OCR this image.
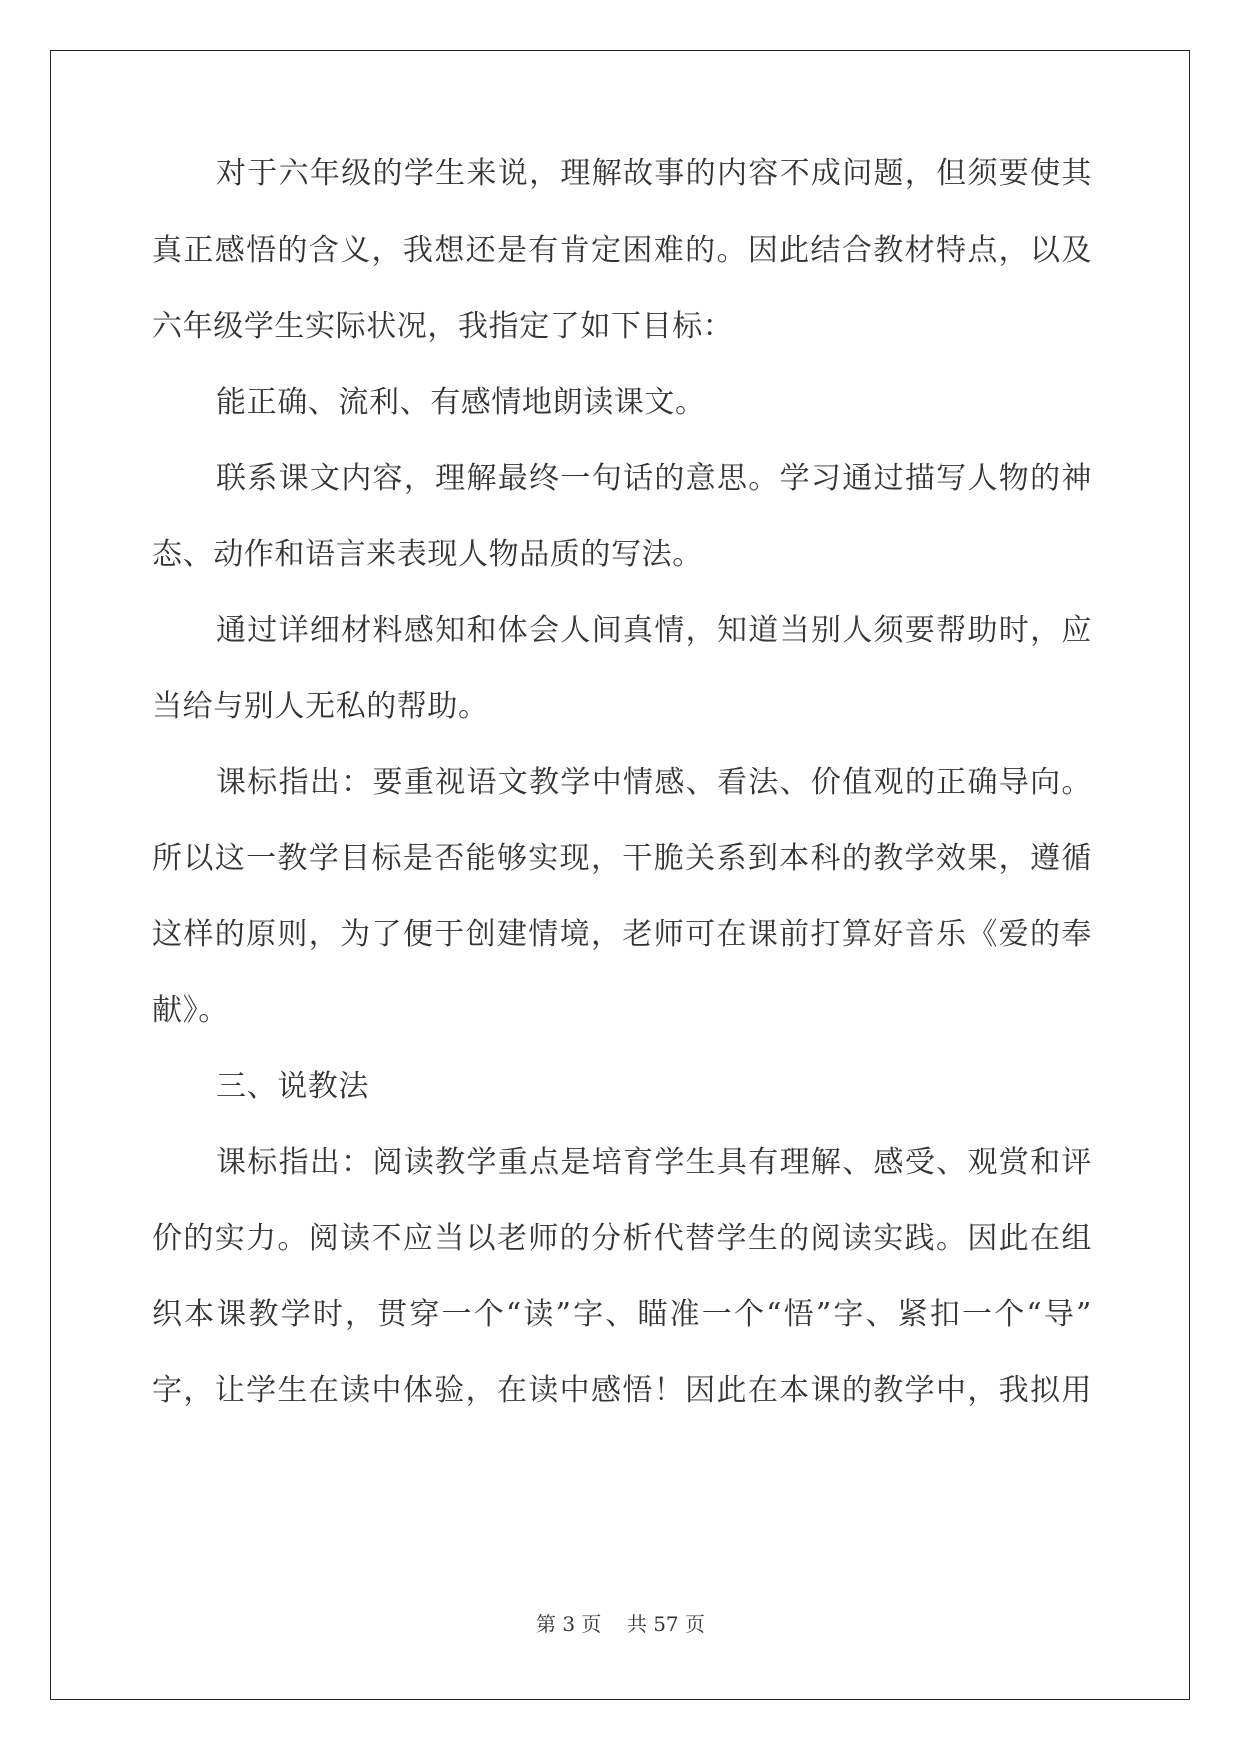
对于六年级的学生来说，理解故事的内容不成问题，但须要使其
真正感悟的含义，我想还是有肯定困难的。因此结合教材特点，以及
六年级学生实际状况，我指定了如下目标：
能正确、流利、有感情地朗读课文。
联系课文内容，理解最终一句话的意思。学习通过描写人物的神
态、动作和语言来表现人物品质的写法。
通过详细材料感知和体会人间真情，知道当别人须要帮助时，应
当给与别人无私的帮助。
课标指出：要重视语文教学中情感、看法、价值观的正确导向。
所以这一教学目标是否能够实现，干脆关系到本科的教学效果，遵循
这样的原则，为了便于创建情境，老师可在课前打算好音乐《爱的奉
献》。
三、说教法
课标指出：阅读教学重点是培育学生具有理解、感受、观赏和评
价的实力。阅读不应当以老师的分析代替学生的阅读实践。因此在组
织本课教学时，贯穿一个“读”字、瞄准一个“悟”字、紧扣一个“导”
字，让学生在读中体验，在读中感悟！因此在本课的教学中，我拟用
第 3 页    共 57 页
